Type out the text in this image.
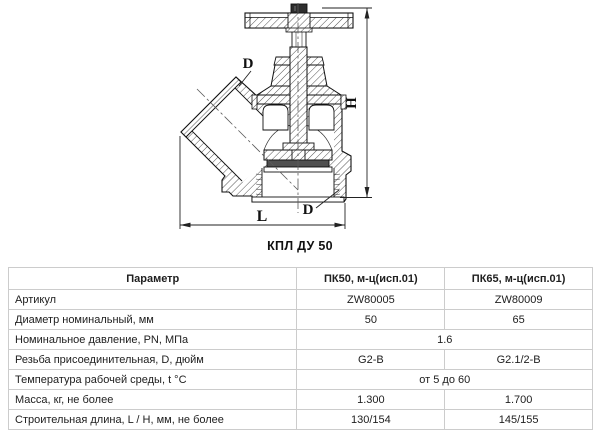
H
L
D
D
КПЛ ДУ 50
Параметр	ПК50, м-ц(исп.01)	ПК65, м-ц(исп.01)
Артикул	ZW80005	ZW80009
Диаметр номинальный, мм	50	65
Номинальное давление, PN, МПа	1.6	
Резьба присоединительная, D, дюйм	G2-B	G2.1/2-B
Температура рабочей среды, t °C	от 5 до 60	
Масса, кг, не более	1.300	1.700
Строительная длина, L / H, мм, не более	130/154	145/155
